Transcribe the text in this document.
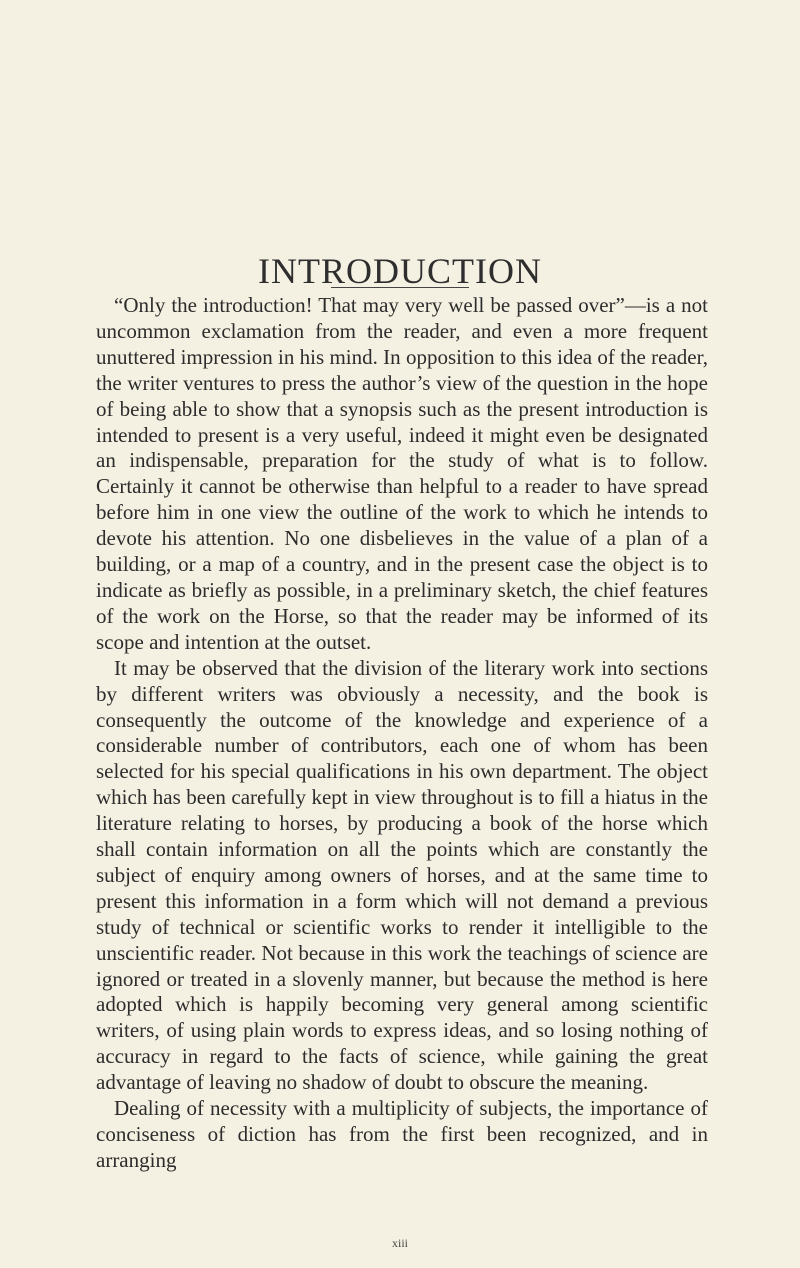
INTRODUCTION

“Only the introduction! That may very well be passed over”—is a not uncommon exclamation from the reader, and even a more frequent unuttered impression in his mind. In opposition to this idea of the reader, the writer ventures to press the author’s view of the question in the hope of being able to show that a synopsis such as the present introduction is intended to present is a very useful, indeed it might even be designated an indispensable, preparation for the study of what is to follow. Certainly it cannot be otherwise than helpful to a reader to have spread before him in one view the outline of the work to which he intends to devote his attention. No one disbelieves in the value of a plan of a building, or a map of a country, and in the present case the object is to indicate as briefly as possible, in a preliminary sketch, the chief features of the work on the Horse, so that the reader may be informed of its scope and intention at the outset.

It may be observed that the division of the literary work into sections by different writers was obviously a necessity, and the book is consequently the outcome of the knowledge and experience of a considerable number of contributors, each one of whom has been selected for his special qualifications in his own department. The object which has been carefully kept in view throughout is to fill a hiatus in the literature relating to horses, by producing a book of the horse which shall contain information on all the points which are constantly the subject of enquiry among owners of horses, and at the same time to present this information in a form which will not demand a previous study of technical or scientific works to render it intelligible to the unscientific reader. Not because in this work the teachings of science are ignored or treated in a slovenly manner, but because the method is here adopted which is happily becoming very general among scientific writers, of using plain words to express ideas, and so losing nothing of accuracy in regard to the facts of science, while gaining the great advantage of leaving no shadow of doubt to obscure the meaning.

Dealing of necessity with a multiplicity of subjects, the importance of conciseness of diction has from the first been recognized, and in arranging

xiii
